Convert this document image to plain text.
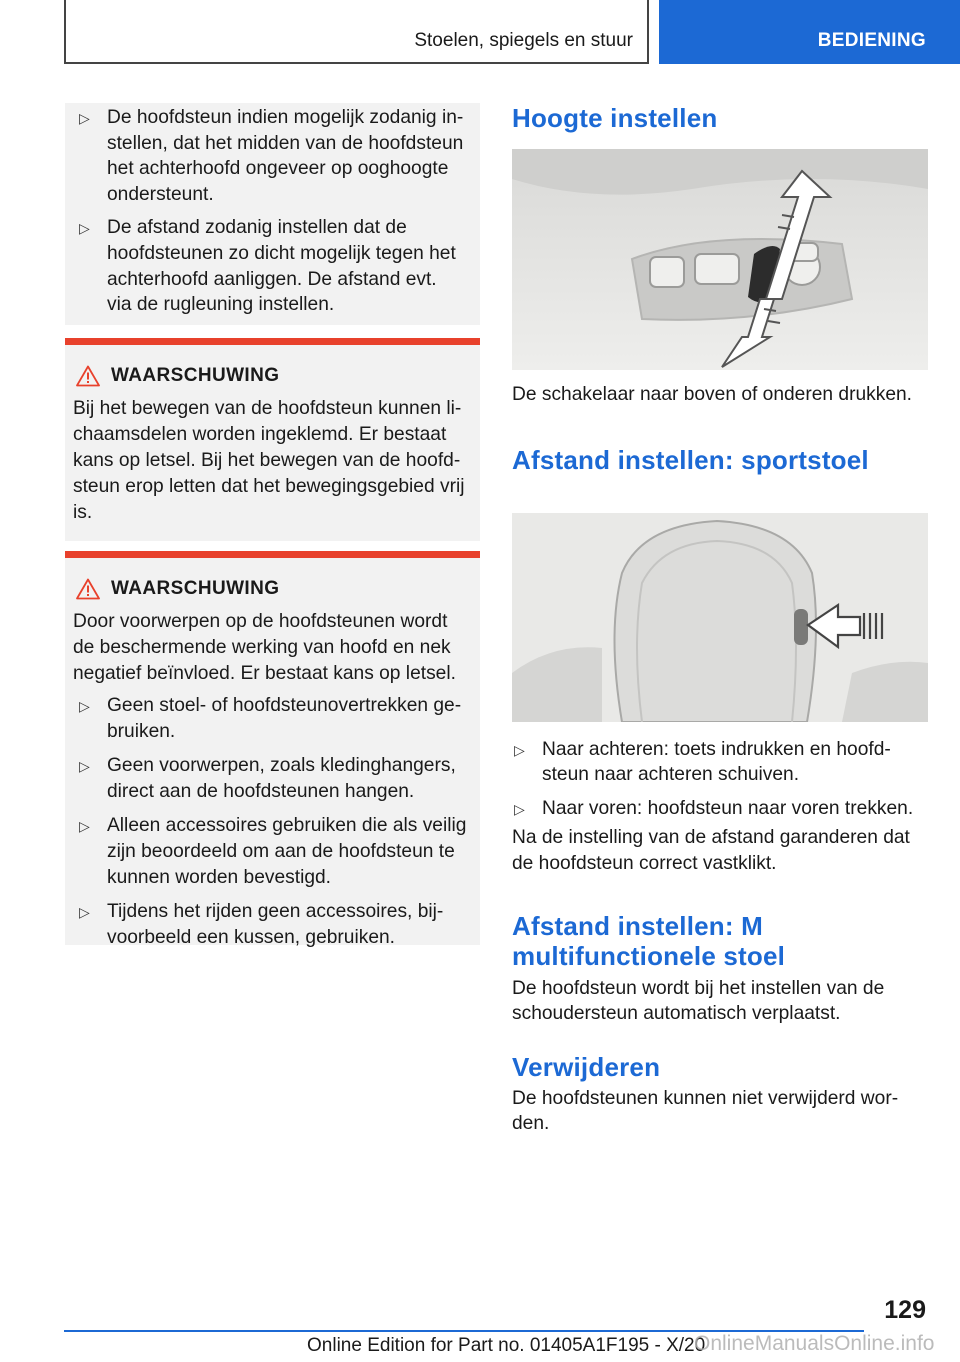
Stoelen, spiegels en stuur	BEDIENING
▷ De hoofdsteun indien mogelijk zodanig instellen, dat het midden van de hoofdsteun het achterhoofd ongeveer op ooghoogte ondersteunt.
▷ De afstand zodanig instellen dat de hoofdsteunen zo dicht mogelijk tegen het achterhoofd aanliggen. De afstand evt. via de rugleuning instellen.
WAARSCHUWING

Bij het bewegen van de hoofdsteun kunnen lichaamsdelen worden ingeklemd. Er bestaat kans op letsel. Bij het bewegen van de hoofdsteun erop letten dat het bewegingsgebied vrij is.

WAARSCHUWING

Door voorwerpen op de hoofdsteunen wordt de beschermende werking van hoofd en nek negatief beïnvloed. Er bestaat kans op letsel.

▷ Geen stoel- of hoofdsteunovertrekken gebruiken.
▷ Geen voorwerpen, zoals kledinghangers, direct aan de hoofdsteunen hangen.
▷ Alleen accessoires gebruiken die als veilig zijn beoordeeld om aan de hoofdsteun te kunnen worden bevestigd.
▷ Tijdens het rijden geen accessoires, bijvoorbeeld een kussen, gebruiken.
Hoogte instellen

De schakelaar naar boven of onderen drukken.

Afstand instellen: sportstoel
▷ Naar achteren: toets indrukken en hoofdsteun naar achteren schuiven.
▷ Naar voren: hoofdsteun naar voren trekken.

Na de instelling van de afstand garanderen dat de hoofdsteun correct vastklikt.

Afstand instellen: M multifunctionele stoel

De hoofdsteun wordt bij het instellen van de schoudersteun automatisch verplaatst.

Verwijderen

De hoofdsteunen kunnen niet verwijderd worden.

129
Online Edition for Part no. 01405A1F195 - X/20
OnlineManualsOnline.info
